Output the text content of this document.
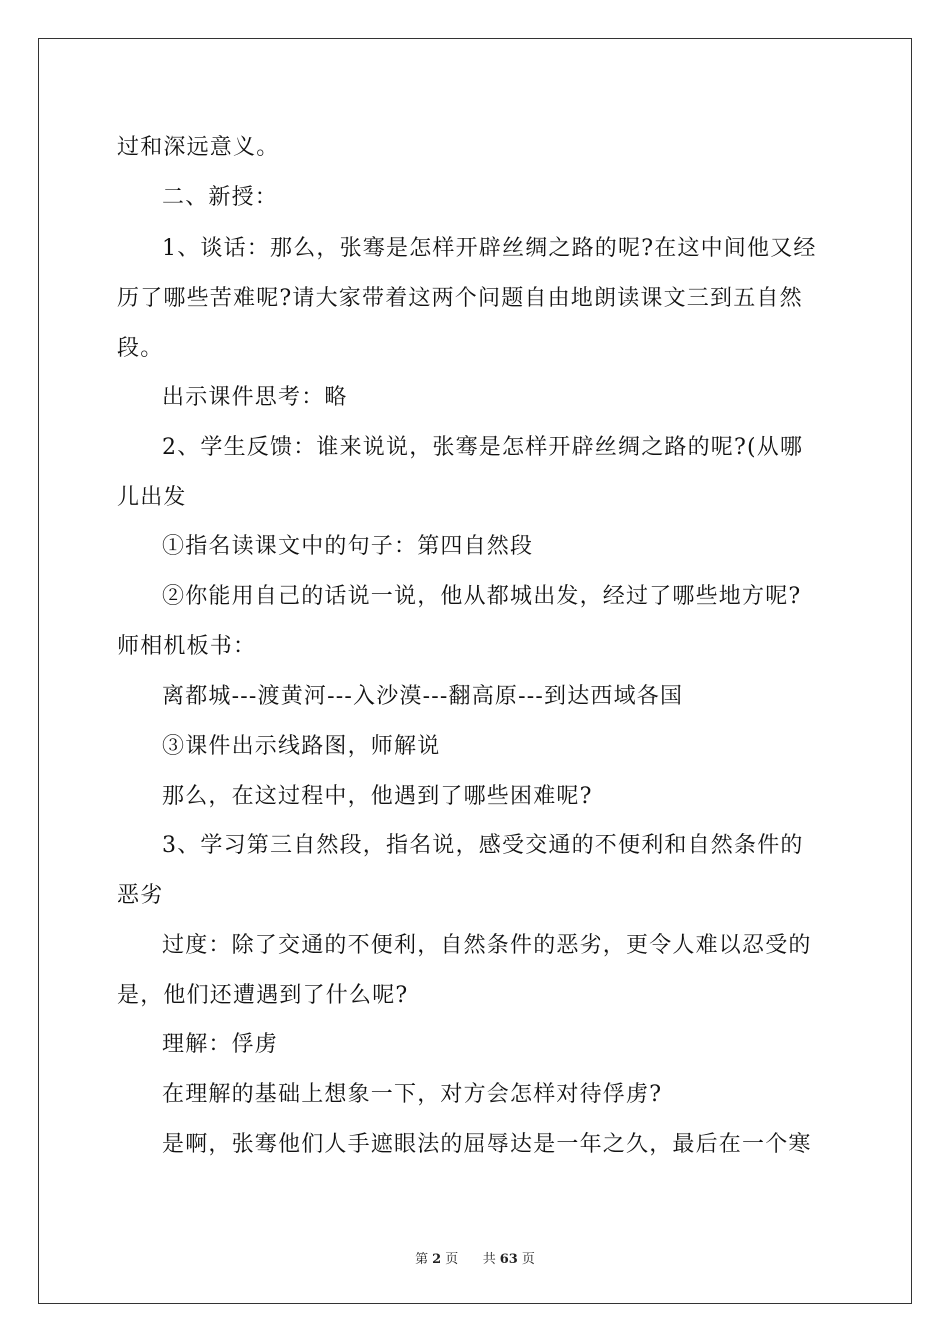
过和深远意义。
二、新授：
1、谈话：那么，张骞是怎样开辟丝绸之路的呢?在这中间他又经
历了哪些苦难呢?请大家带着这两个问题自由地朗读课文三到五自然
段。
出示课件思考：略
2、学生反馈：谁来说说，张骞是怎样开辟丝绸之路的呢?(从哪
儿出发
①指名读课文中的句子：第四自然段
②你能用自己的话说一说，他从都城出发，经过了哪些地方呢?
师相机板书：
离都城---渡黄河---入沙漠---翻高原---到达西域各国
③课件出示线路图，师解说
那么，在这过程中，他遇到了哪些困难呢?
3、学习第三自然段，指名说，感受交通的不便利和自然条件的
恶劣
过度：除了交通的不便利，自然条件的恶劣，更令人难以忍受的
是，他们还遭遇到了什么呢?
理解：俘虏
在理解的基础上想象一下，对方会怎样对待俘虏?
是啊，张骞他们人手遮眼法的屈辱达是一年之久，最后在一个寒
第 2 页 共 63 页
